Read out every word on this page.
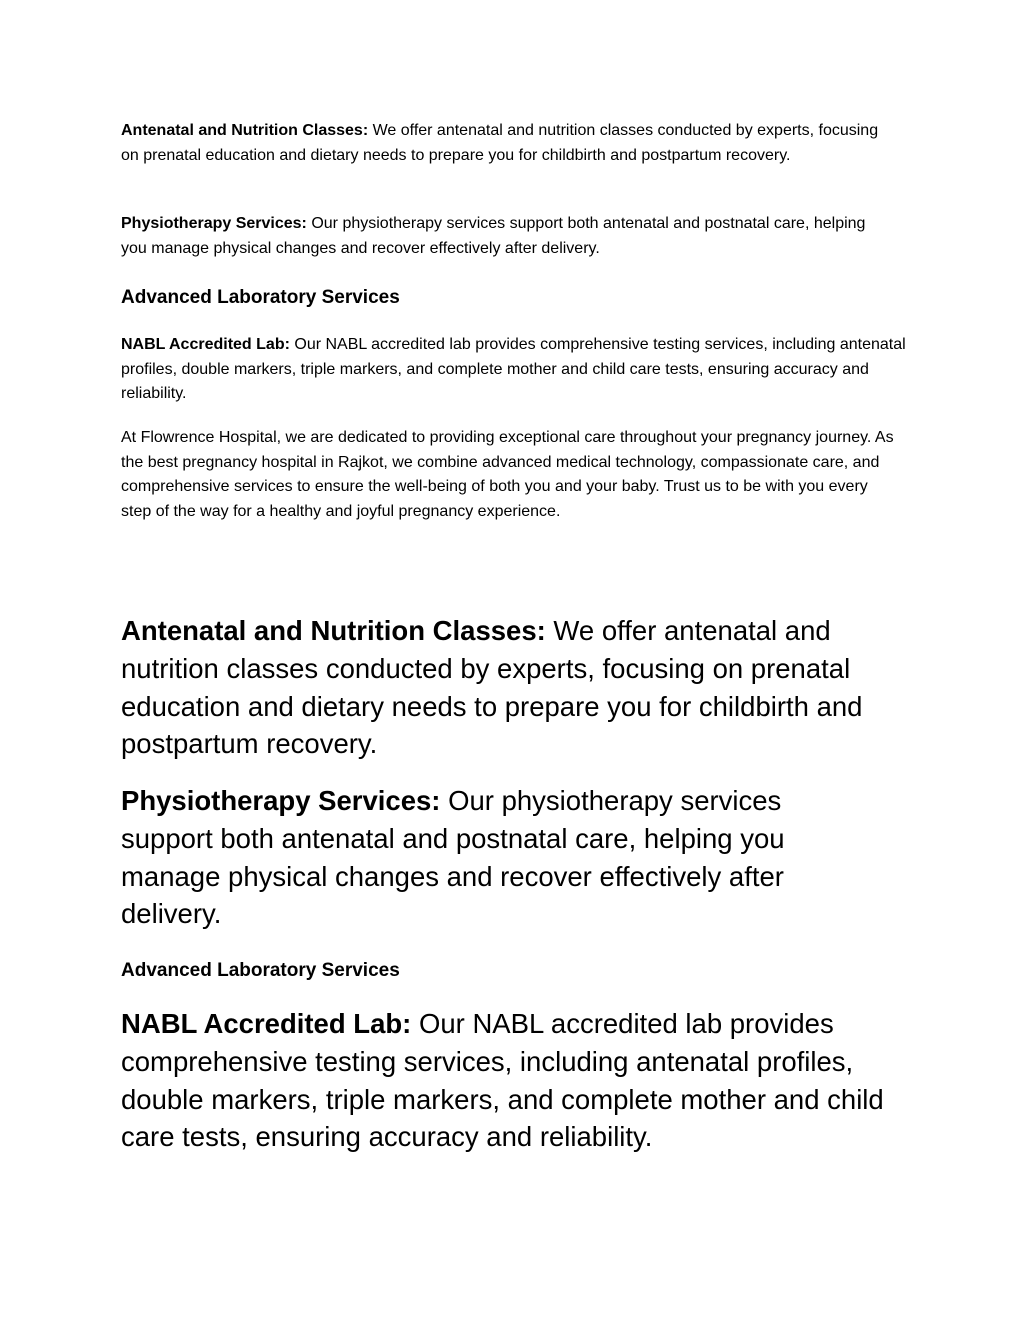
Antenatal and Nutrition Classes: We offer antenatal and nutrition classes conducted by experts, focusing on prenatal education and dietary needs to prepare you for childbirth and postpartum recovery.

Physiotherapy Services: Our physiotherapy services support both antenatal and postnatal care, helping you manage physical changes and recover effectively after delivery.

Advanced Laboratory Services

NABL Accredited Lab: Our NABL accredited lab provides comprehensive testing services, including antenatal profiles, double markers, triple markers, and complete mother and child care tests, ensuring accuracy and reliability.

At Flowrence Hospital, we are dedicated to providing exceptional care throughout your pregnancy journey. As the best pregnancy hospital in Rajkot, we combine advanced medical technology, compassionate care, and comprehensive services to ensure the well-being of both you and your baby. Trust us to be with you every step of the way for a healthy and joyful pregnancy experience.

Antenatal and Nutrition Classes: We offer antenatal and nutrition classes conducted by experts, focusing on prenatal education and dietary needs to prepare you for childbirth and postpartum recovery.

Physiotherapy Services: Our physiotherapy services support both antenatal and postnatal care, helping you manage physical changes and recover effectively after delivery.

Advanced Laboratory Services

NABL Accredited Lab: Our NABL accredited lab provides comprehensive testing services, including antenatal profiles, double markers, triple markers, and complete mother and child care tests, ensuring accuracy and reliability.
